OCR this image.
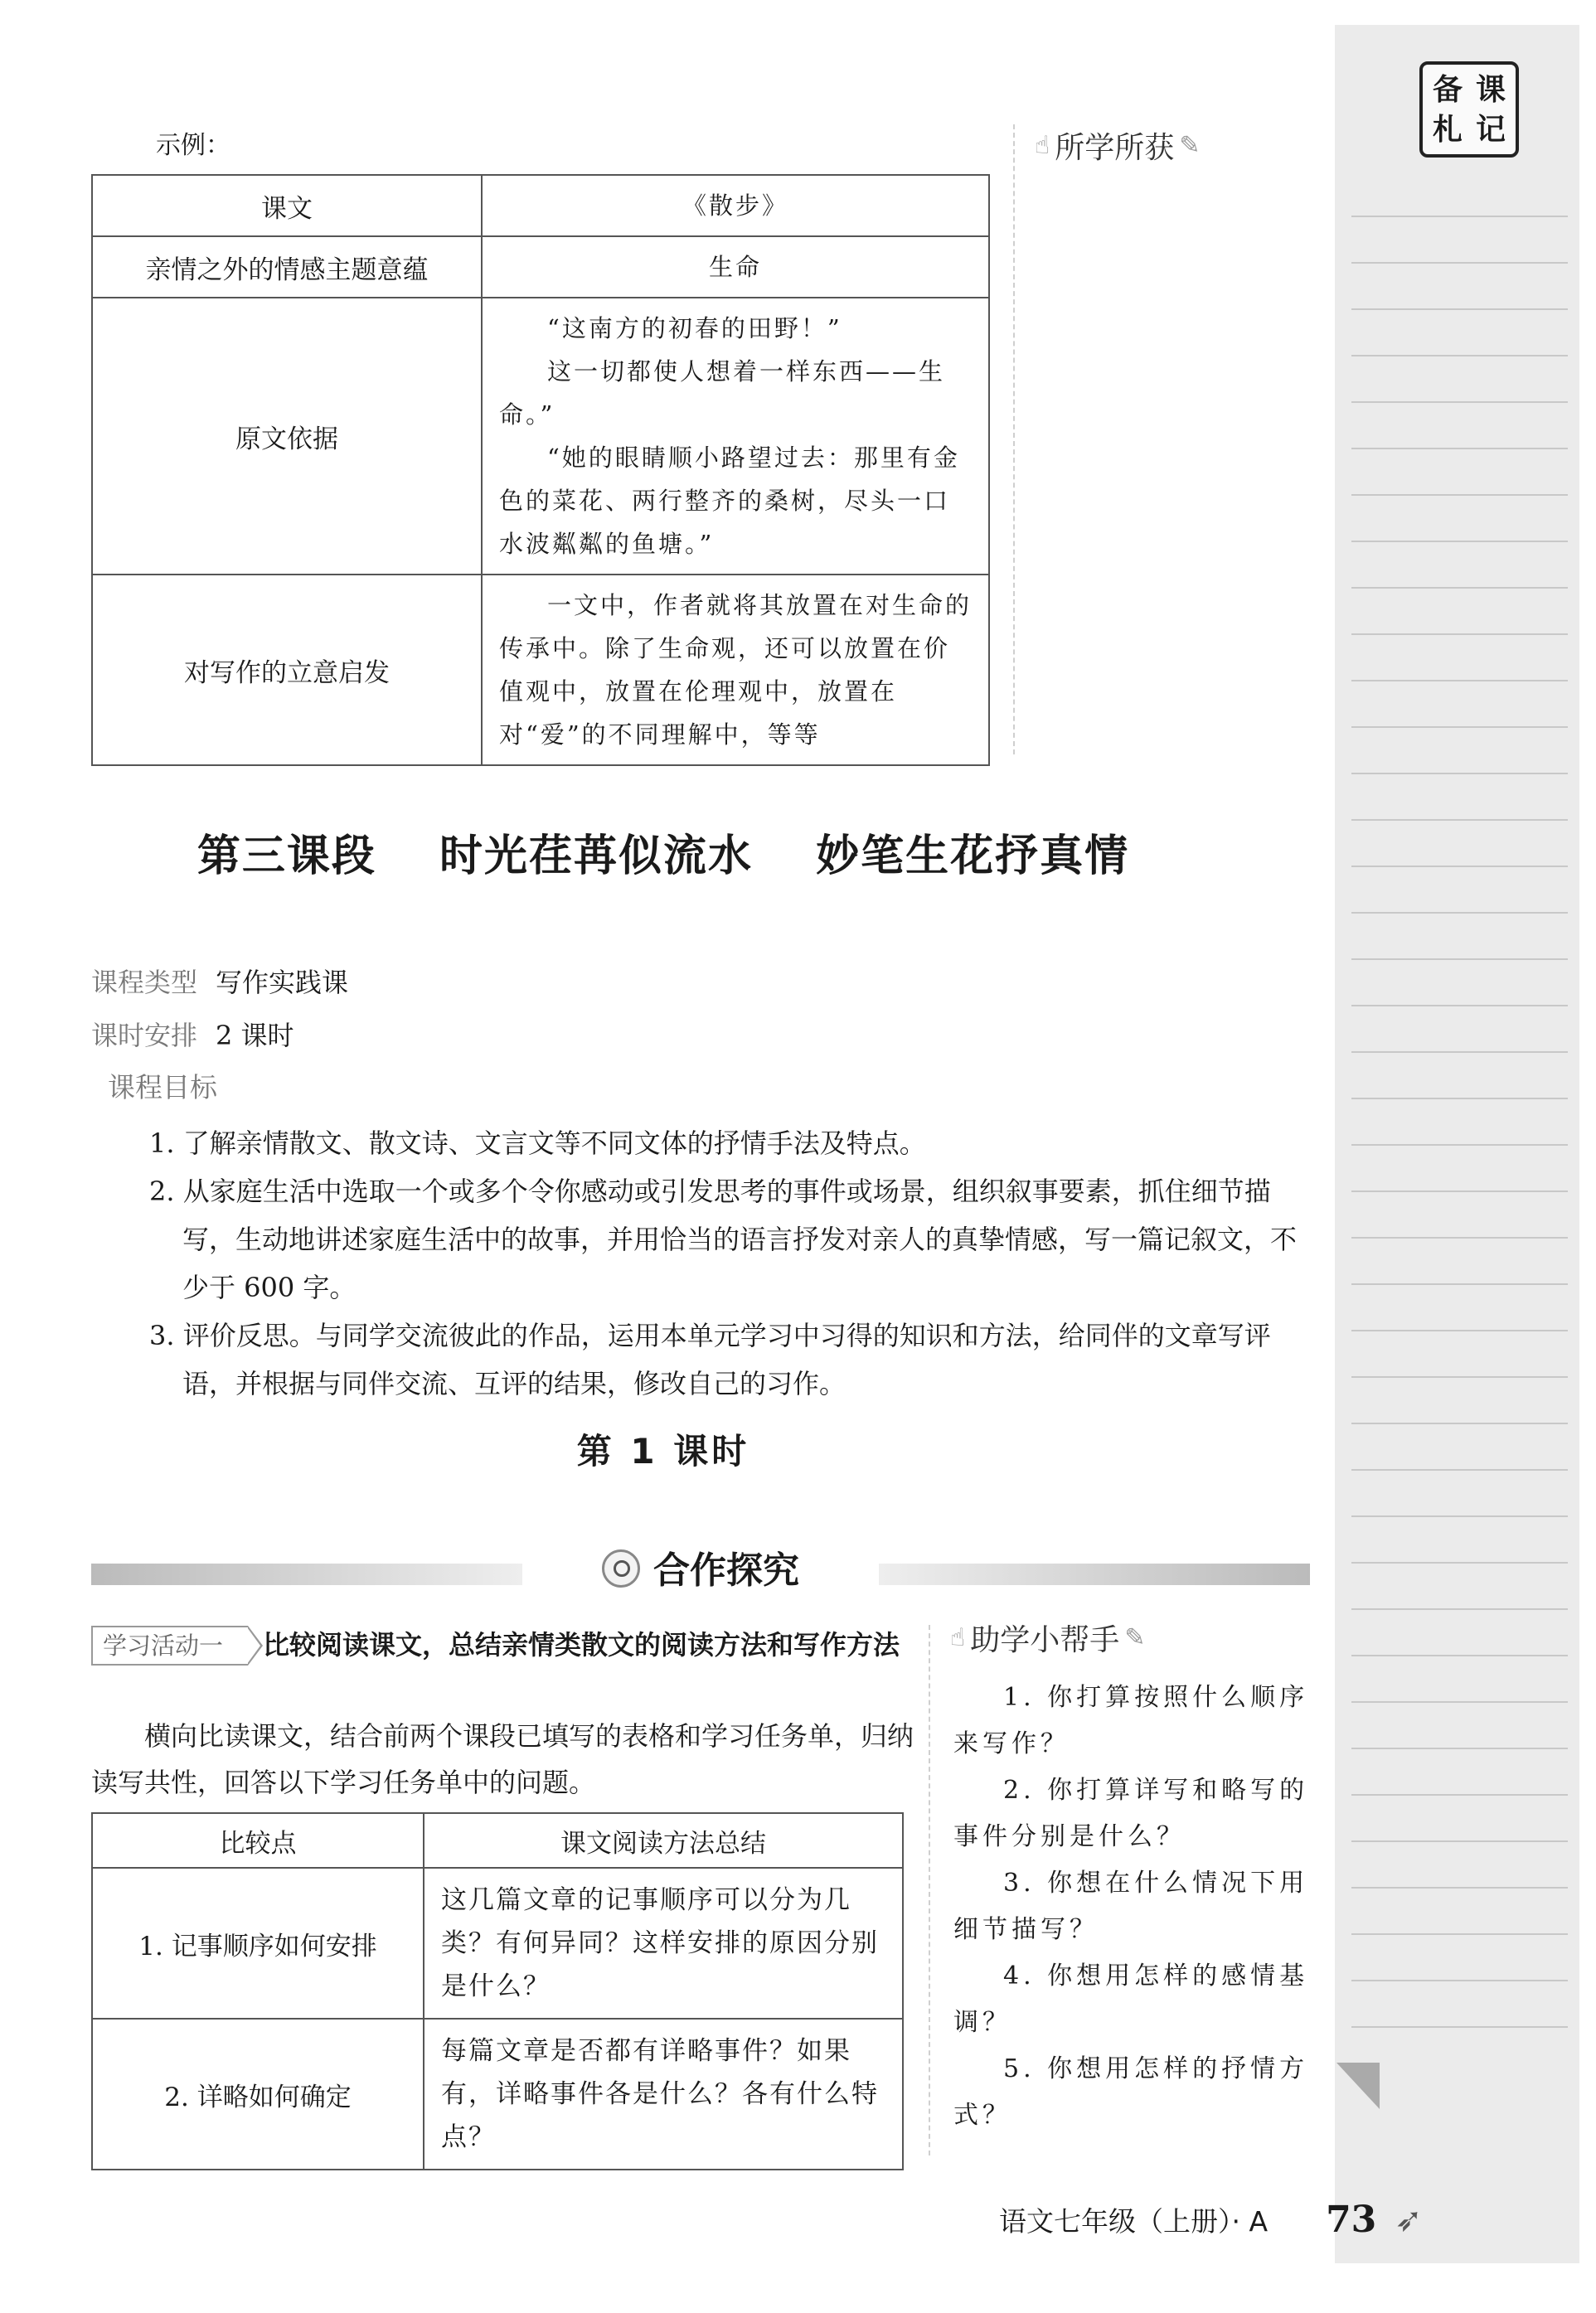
备 课
札 记
☝ 所学所获 ✎
示例：
课文	《散步》
亲情之外的情感主题意蕴	生命
原文依据	“这南方的初春的田野！”

这一切都使人想着一样东西——生命。”

“她的眼睛顺小路望过去：那里有金色的菜花、两行整齐的桑树，尽头一口水波粼粼的鱼塘。”

对写作的立意启发	一文中，作者就将其放置在对生命的传承中。除了生命观，还可以放置在价值观中，放置在伦理观中，放置在对“爱”的不同理解中，等等

第三课段 时光荏苒似流水 妙笔生花抒真情
课程类型 写作实践课
课时安排 2 课时
课程目标

1. 了解亲情散文、散文诗、文言文等不同文体的抒情手法及特点。

2. 从家庭生活中选取一个或多个令你感动或引发思考的事件或场景，组织叙事要素，抓住细节描写，生动地讲述家庭生活中的故事，并用恰当的语言抒发对亲人的真挚情感，写一篇记叙文，不少于 600 字。

3. 评价反思。与同学交流彼此的作品，运用本单元学习中习得的知识和方法，给同伴的文章写评语，并根据与同伴交流、互评的结果，修改自己的习作。

第 1 课时
合作探究
学习活动一 比较阅读课文，总结亲情类散文的阅读方法和写作方法

横向比读课文，结合前两个课段已填写的表格和学习任务单，归纳读写共性，回答以下学习任务单中的问题。

比较点	课文阅读方法总结
1. 记事顺序如何安排	这几篇文章的记事顺序可以分为几类？有何异同？这样安排的原因分别是什么？
2. 详略如何确定	每篇文章是否都有详略事件？如果有，详略事件各是什么？各有什么特点？
☝ 助学小帮手 ✎

1. 你打算按照什么顺序来写作？

2. 你打算详写和略写的事件分别是什么？

3. 你想在什么情况下用细节描写？

4. 你想用怎样的感情基调？

5. 你想用怎样的抒情方式？

语文七年级（上册）· A 73 ➶
